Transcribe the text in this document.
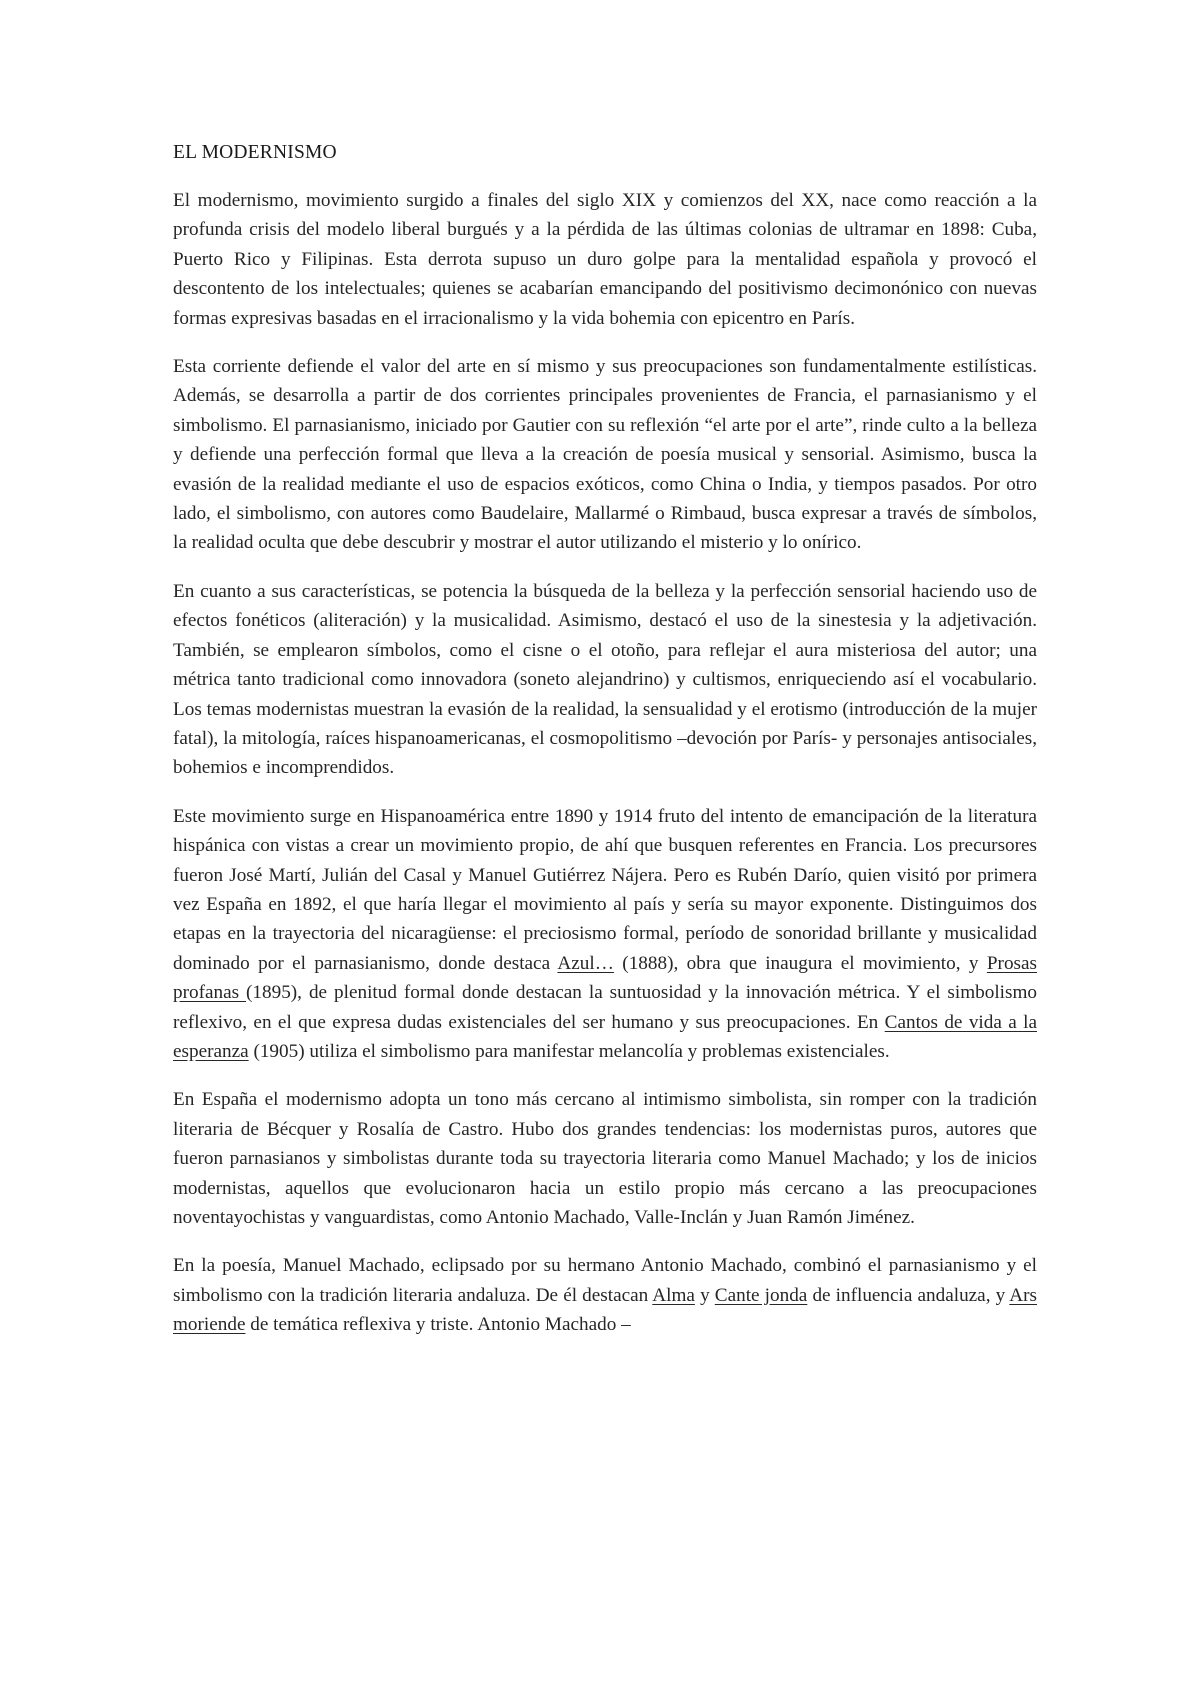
EL MODERNISMO

El modernismo, movimiento surgido a finales del siglo XIX y comienzos del XX, nace como reacción a la profunda crisis del modelo liberal burgués y a la pérdida de las últimas colonias de ultramar en 1898: Cuba, Puerto Rico y Filipinas. Esta derrota supuso un duro golpe para la mentalidad española y provocó el descontento de los intelectuales; quienes se acabarían emancipando del positivismo decimonónico con nuevas formas expresivas basadas en el irracionalismo y la vida bohemia con epicentro en París.

Esta corriente defiende el valor del arte en sí mismo y sus preocupaciones son fundamentalmente estilísticas. Además, se desarrolla a partir de dos corrientes principales provenientes de Francia, el parnasianismo y el simbolismo. El parnasianismo, iniciado por Gautier con su reflexión “el arte por el arte”, rinde culto a la belleza y defiende una perfección formal que lleva a la creación de poesía musical y sensorial. Asimismo, busca la evasión de la realidad mediante el uso de espacios exóticos, como China o India, y tiempos pasados. Por otro lado, el simbolismo, con autores como Baudelaire, Mallarmé o Rimbaud, busca expresar a través de símbolos, la realidad oculta que debe descubrir y mostrar el autor utilizando el misterio y lo onírico.

En cuanto a sus características, se potencia la búsqueda de la belleza y la perfección sensorial haciendo uso de efectos fonéticos (aliteración) y la musicalidad. Asimismo, destacó el uso de la sinestesia y la adjetivación. También, se emplearon símbolos, como el cisne o el otoño, para reflejar el aura misteriosa del autor; una métrica tanto tradicional como innovadora (soneto alejandrino) y cultismos, enriqueciendo así el vocabulario. Los temas modernistas muestran la evasión de la realidad, la sensualidad y el erotismo (introducción de la mujer fatal), la mitología, raíces hispanoamericanas, el cosmopolitismo –devoción por París- y personajes antisociales, bohemios e incomprendidos.

Este movimiento surge en Hispanoamérica entre 1890 y 1914 fruto del intento de emancipación de la literatura hispánica con vistas a crear un movimiento propio, de ahí que busquen referentes en Francia. Los precursores fueron José Martí, Julián del Casal y Manuel Gutiérrez Nájera. Pero es Rubén Darío, quien visitó por primera vez España en 1892, el que haría llegar el movimiento al país y sería su mayor exponente. Distinguimos dos etapas en la trayectoria del nicaragüense: el preciosismo formal, período de sonoridad brillante y musicalidad dominado por el parnasianismo, donde destaca Azul… (1888), obra que inaugura el movimiento, y Prosas profanas (1895), de plenitud formal donde destacan la suntuosidad y la innovación métrica. Y el simbolismo reflexivo, en el que expresa dudas existenciales del ser humano y sus preocupaciones. En Cantos de vida a la esperanza (1905) utiliza el simbolismo para manifestar melancolía y problemas existenciales.

En España el modernismo adopta un tono más cercano al intimismo simbolista, sin romper con la tradición literaria de Bécquer y Rosalía de Castro. Hubo dos grandes tendencias: los modernistas puros, autores que fueron parnasianos y simbolistas durante toda su trayectoria literaria como Manuel Machado; y los de inicios modernistas, aquellos que evolucionaron hacia un estilo propio más cercano a las preocupaciones noventayochistas y vanguardistas, como Antonio Machado, Valle-Inclán y Juan Ramón Jiménez.

En la poesía, Manuel Machado, eclipsado por su hermano Antonio Machado, combinó el parnasianismo y el simbolismo con la tradición literaria andaluza. De él destacan Alma y Cante jonda de influencia andaluza, y Ars moriende de temática reflexiva y triste. Antonio Machado –
